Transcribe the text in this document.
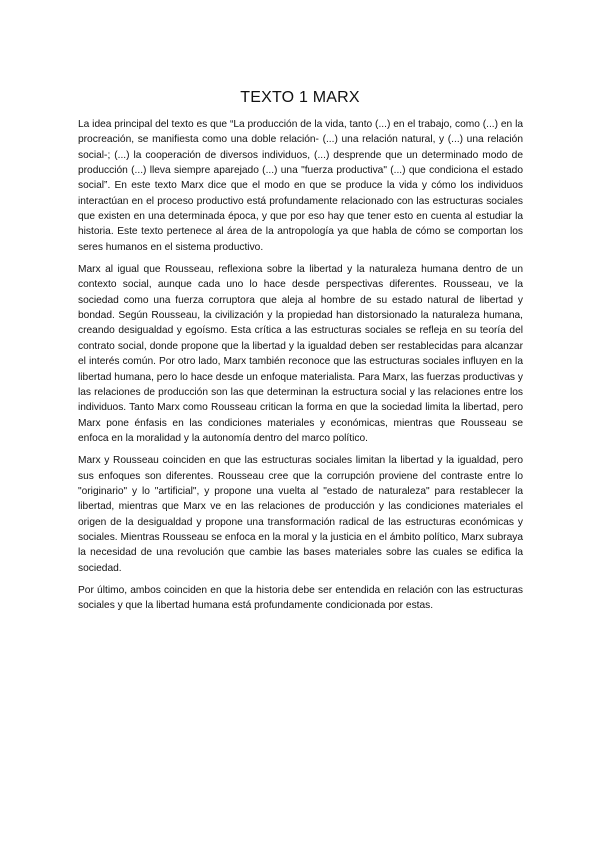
TEXTO 1 MARX

La idea principal del texto es que “La producción de la vida, tanto (...) en el trabajo, como (...) en la procreación, se manifiesta como una doble relación- (...) una relación natural, y (...) una relación social-; (...) la cooperación de diversos individuos, (...) desprende que un determinado modo de producción (...) lleva siempre aparejado (...) una "fuerza productiva" (...) que condiciona el estado social”. En este texto Marx dice que el modo en que se produce la vida y cómo los individuos interactúan en el proceso productivo está profundamente relacionado con las estructuras sociales que existen en una determinada época, y que por eso hay que tener esto en cuenta al estudiar la historia. Este texto pertenece al área de la antropología ya que habla de cómo se comportan los seres humanos en el sistema productivo.

Marx al igual que Rousseau, reflexiona sobre la libertad y la naturaleza humana dentro de un contexto social, aunque cada uno lo hace desde perspectivas diferentes. Rousseau, ve la sociedad como una fuerza corruptora que aleja al hombre de su estado natural de libertad y bondad. Según Rousseau, la civilización y la propiedad han distorsionado la naturaleza humana, creando desigualdad y egoísmo. Esta crítica a las estructuras sociales se refleja en su teoría del contrato social, donde propone que la libertad y la igualdad deben ser restablecidas para alcanzar el interés común. Por otro lado, Marx también reconoce que las estructuras sociales influyen en la libertad humana, pero lo hace desde un enfoque materialista. Para Marx, las fuerzas productivas y las relaciones de producción son las que determinan la estructura social y las relaciones entre los individuos. Tanto Marx como Rousseau critican la forma en que la sociedad limita la libertad, pero Marx pone énfasis en las condiciones materiales y económicas, mientras que Rousseau se enfoca en la moralidad y la autonomía dentro del marco político.

Marx y Rousseau coinciden en que las estructuras sociales limitan la libertad y la igualdad, pero sus enfoques son diferentes. Rousseau cree que la corrupción proviene del contraste entre lo "originario" y lo "artificial", y propone una vuelta al "estado de naturaleza" para restablecer la libertad, mientras que Marx ve en las relaciones de producción y las condiciones materiales el origen de la desigualdad y propone una transformación radical de las estructuras económicas y sociales. Mientras Rousseau se enfoca en la moral y la justicia en el ámbito político, Marx subraya la necesidad de una revolución que cambie las bases materiales sobre las cuales se edifica la sociedad.

Por último, ambos coinciden en que la historia debe ser entendida en relación con las estructuras sociales y que la libertad humana está profundamente condicionada por estas.
